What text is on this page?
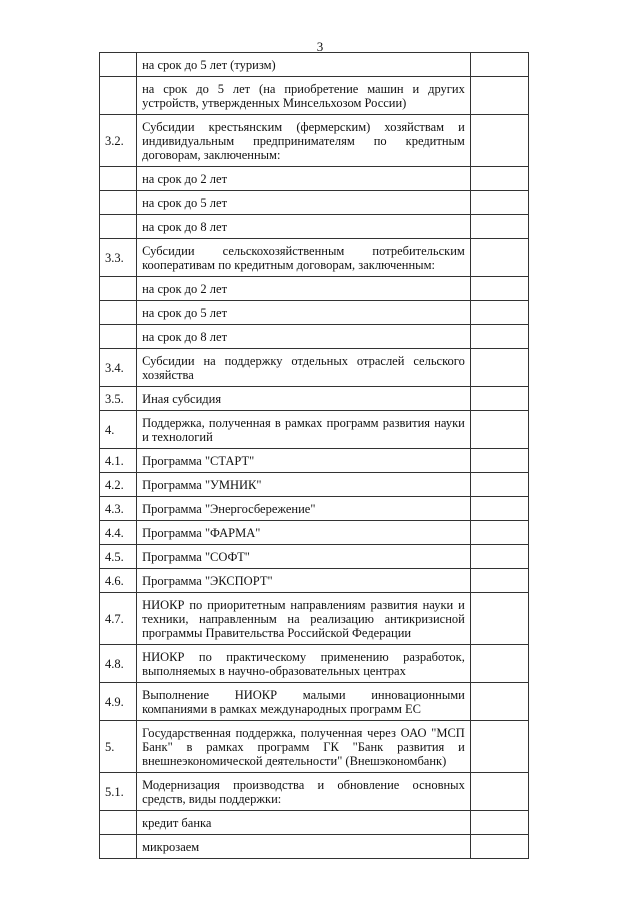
3
	на срок до 5 лет (туризм)	
	на срок до 5 лет (на приобретение машин и других устройств, утвержденных Минсельхозом России)	
3.2.	Субсидии крестьянским (фермерским) хозяйствам и индивидуальным предпринимателям по кредитным договорам, заключенным:	
	на срок до 2 лет	
	на срок до 5 лет	
	на срок до 8 лет	
3.3.	Субсидии сельскохозяйственным потребительским кооперативам по кредитным договорам, заключенным:	
	на срок до 2 лет	
	на срок до 5 лет	
	на срок до 8 лет	
3.4.	Субсидии на поддержку отдельных отраслей сельского хозяйства	
3.5.	Иная субсидия	
4.	Поддержка, полученная в рамках программ развития науки и технологий	
4.1.	Программа "СТАРТ"	
4.2.	Программа "УМНИК"	
4.3.	Программа "Энергосбережение"	
4.4.	Программа "ФАРМА"	
4.5.	Программа "СОФТ"	
4.6.	Программа "ЭКСПОРТ"	
4.7.	НИОКР по приоритетным направлениям развития науки и техники, направленным на реализацию антикризисной программы Правительства Российской Федерации	
4.8.	НИОКР по практическому применению разработок, выполняемых в научно-образовательных центрах	
4.9.	Выполнение НИОКР малыми инновационными компаниями в рамках международных программ ЕС	
5.	Государственная поддержка, полученная через ОАО "МСП Банк" в рамках программ ГК "Банк развития и внешнеэкономической деятельности" (Внешэкономбанк)	
5.1.	Модернизация производства и обновление основных средств, виды поддержки:	
	кредит банка	
	микрозаем	
